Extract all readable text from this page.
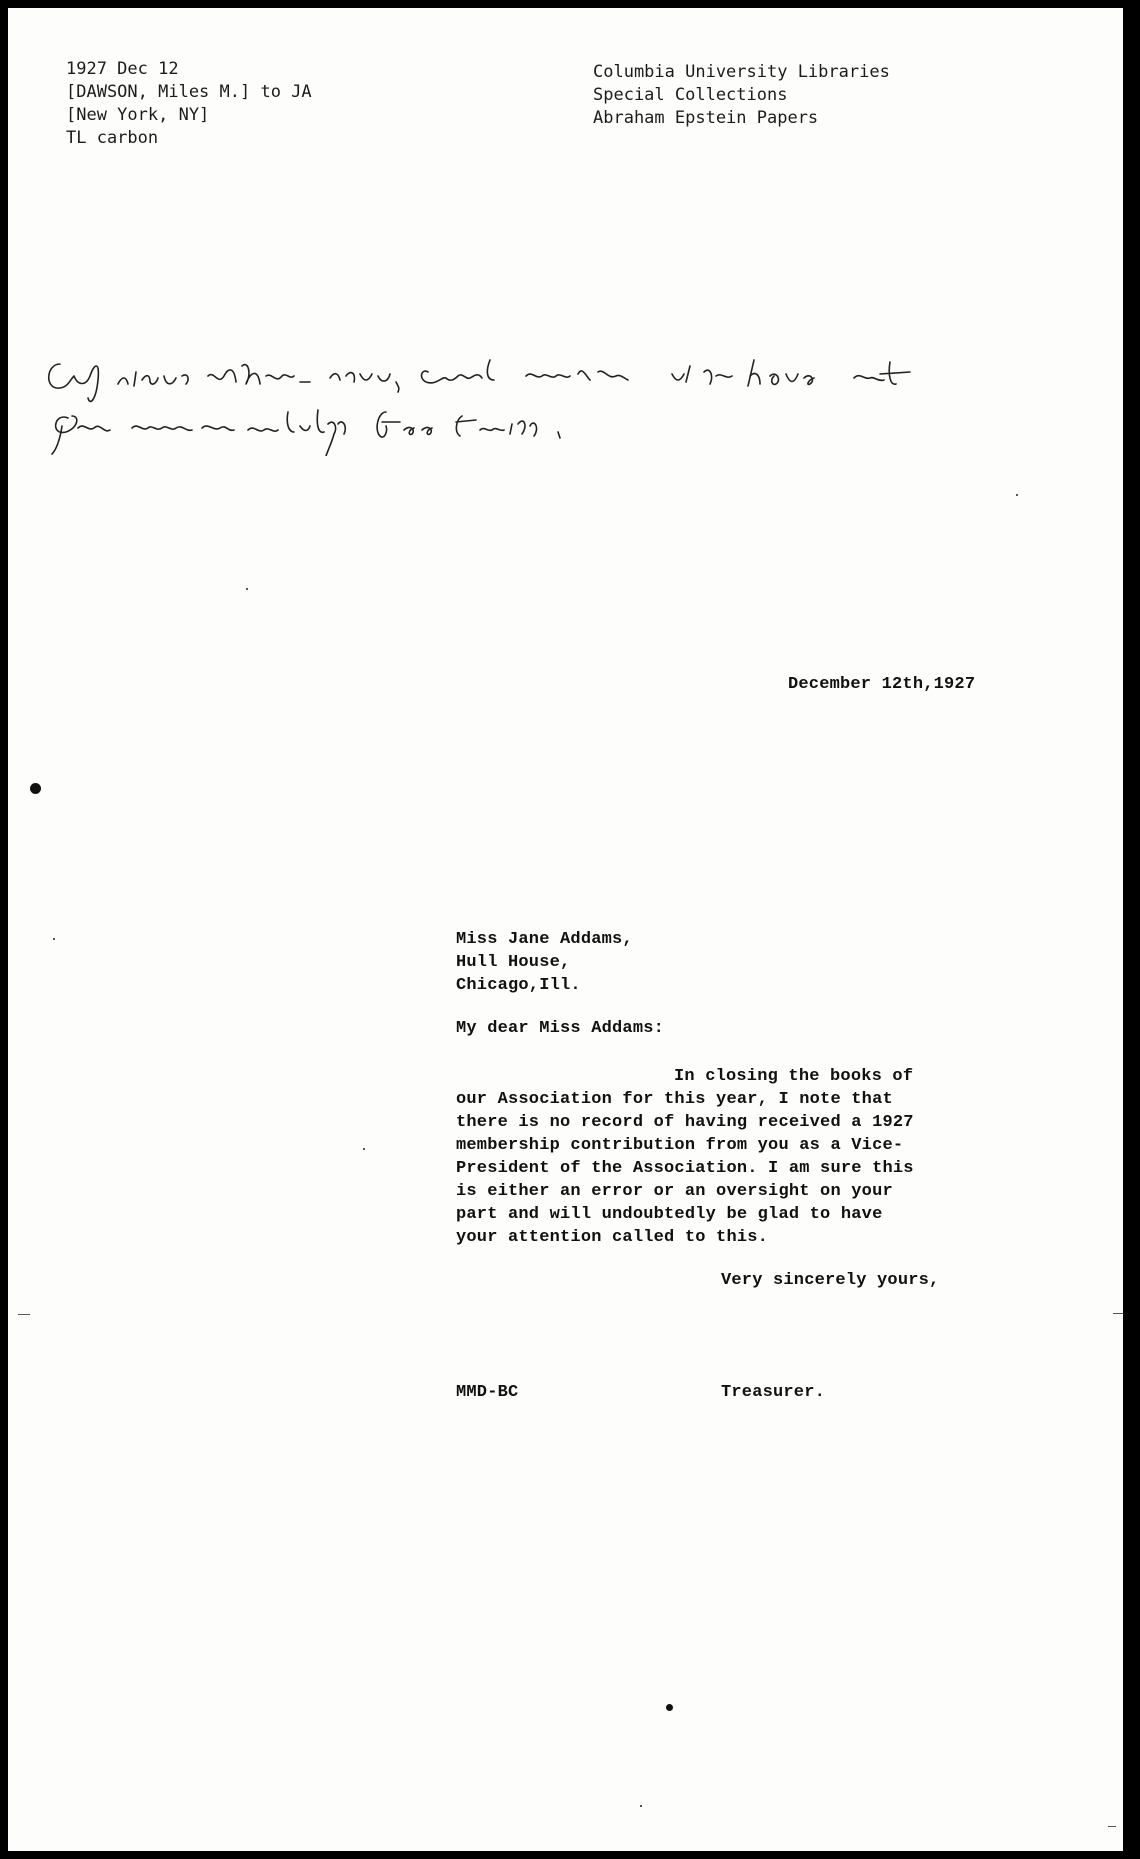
1927 Dec 12
[DAWSON, Miles M.] to JA
[New York, NY]
TL carbon
Columbia University Libraries
Special Collections
Abraham Epstein Papers
December 12th,1927
Miss Jane Addams,
Hull House,
Chicago,Ill.
My dear Miss Addams:
In closing the books of
our Association for this year, I note that
there is no record of having received a 1927
membership contribution from you as a Vice-
President of the Association. I am sure this
is either an error or an oversight on your
part and will undoubtedly be glad to have
your attention called to this.
Very sincerely yours,
MMD-BC	Treasurer.
